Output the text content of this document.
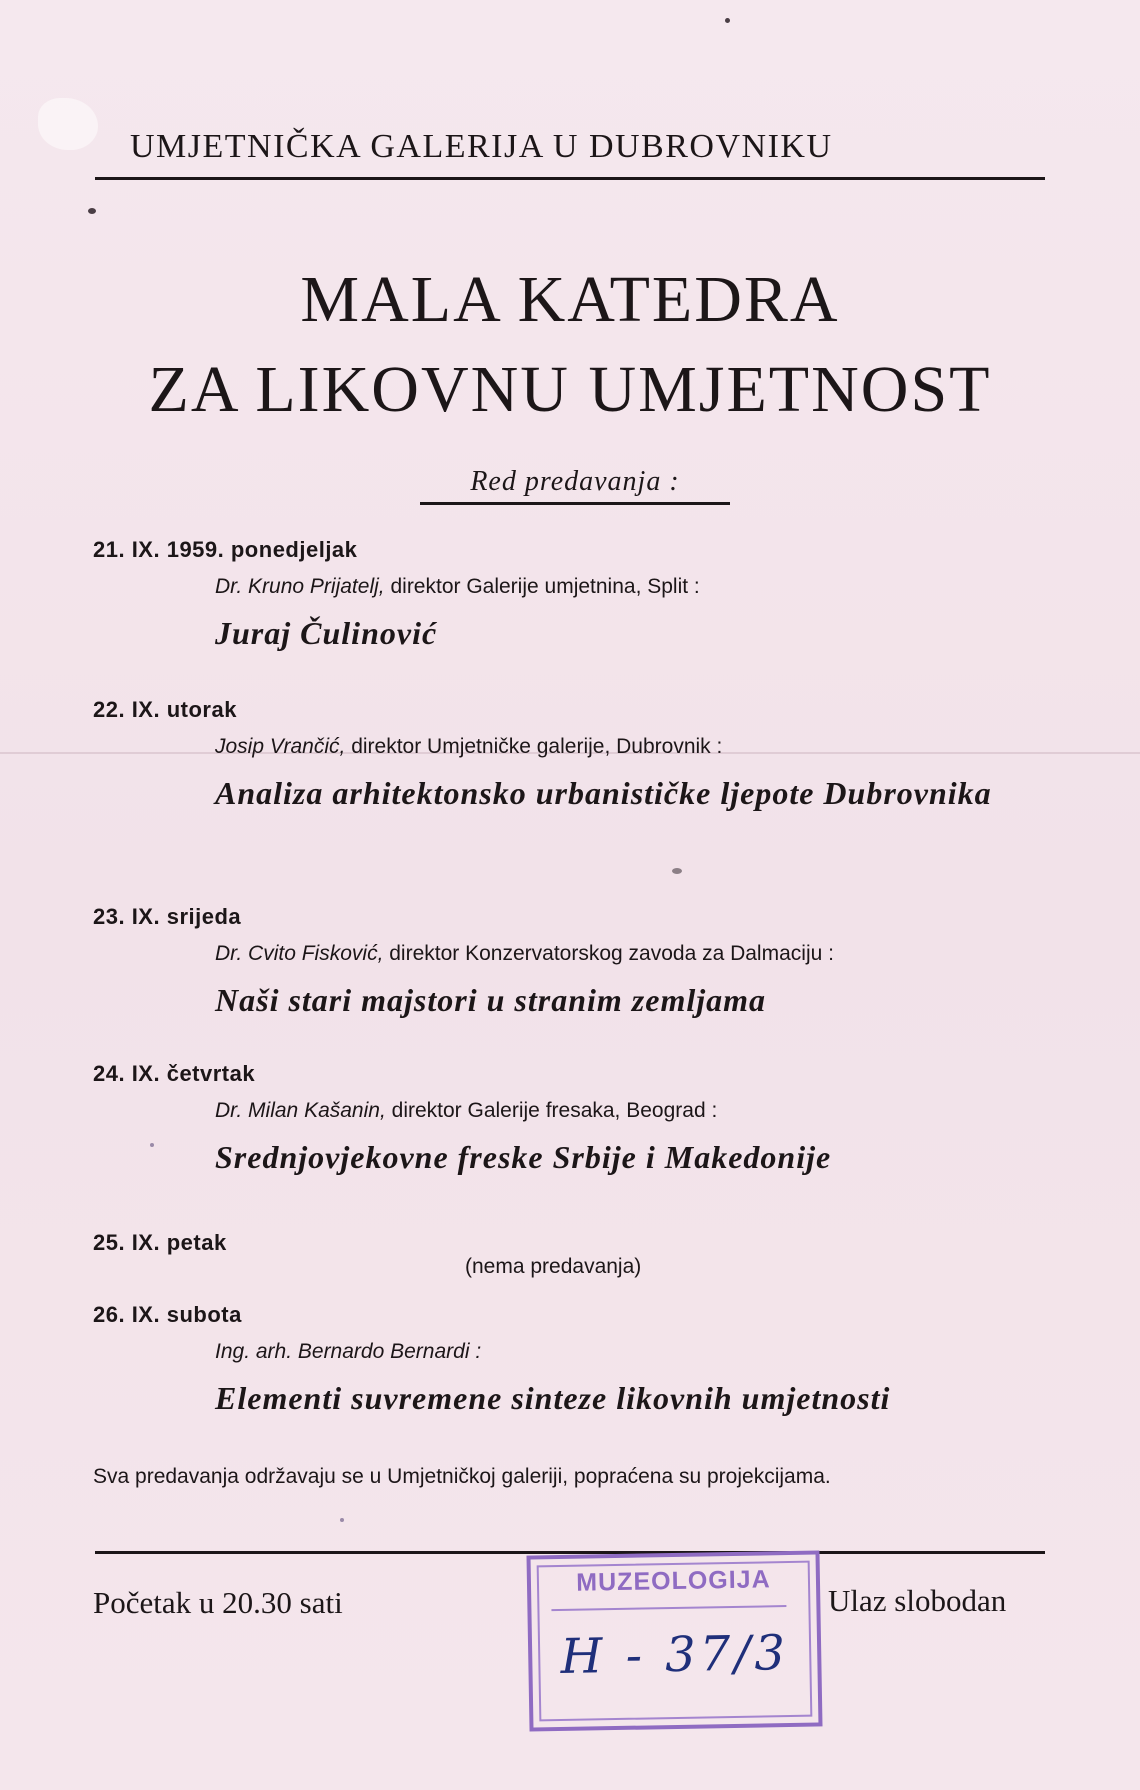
UMJETNIČKA GALERIJA U DUBROVNIKU
MALA KATEDRA
ZA LIKOVNU UMJETNOST
Red predavanja :
21. IX. 1959. ponedjeljak
Dr. Kruno Prijatelj, direktor Galerije umjetnina, Split :
Juraj Čulinović
22. IX. utorak
Josip Vrančić, direktor Umjetničke galerije, Dubrovnik :
Analiza arhitektonsko urbanističke ljepote Dubrovnika
23. IX. srijeda
Dr. Cvito Fisković, direktor Konzervatorskog zavoda za Dalmaciju :
Naši stari majstori u stranim zemljama
24. IX. četvrtak
Dr. Milan Kašanin, direktor Galerije fresaka, Beograd :
Srednjovjekovne freske Srbije i Makedonije
25. IX. petak
(nema predavanja)
26. IX. subota
Ing. arh. Bernardo Bernardi :
Elementi suvremene sinteze likovnih umjetnosti
Sva predavanja održavaju se u Umjetničkoj galeriji, popraćena su projekcijama.
Početak u 20.30 sati	Ulaz slobodan
MUZEOLOGIJA
H - 37/3
